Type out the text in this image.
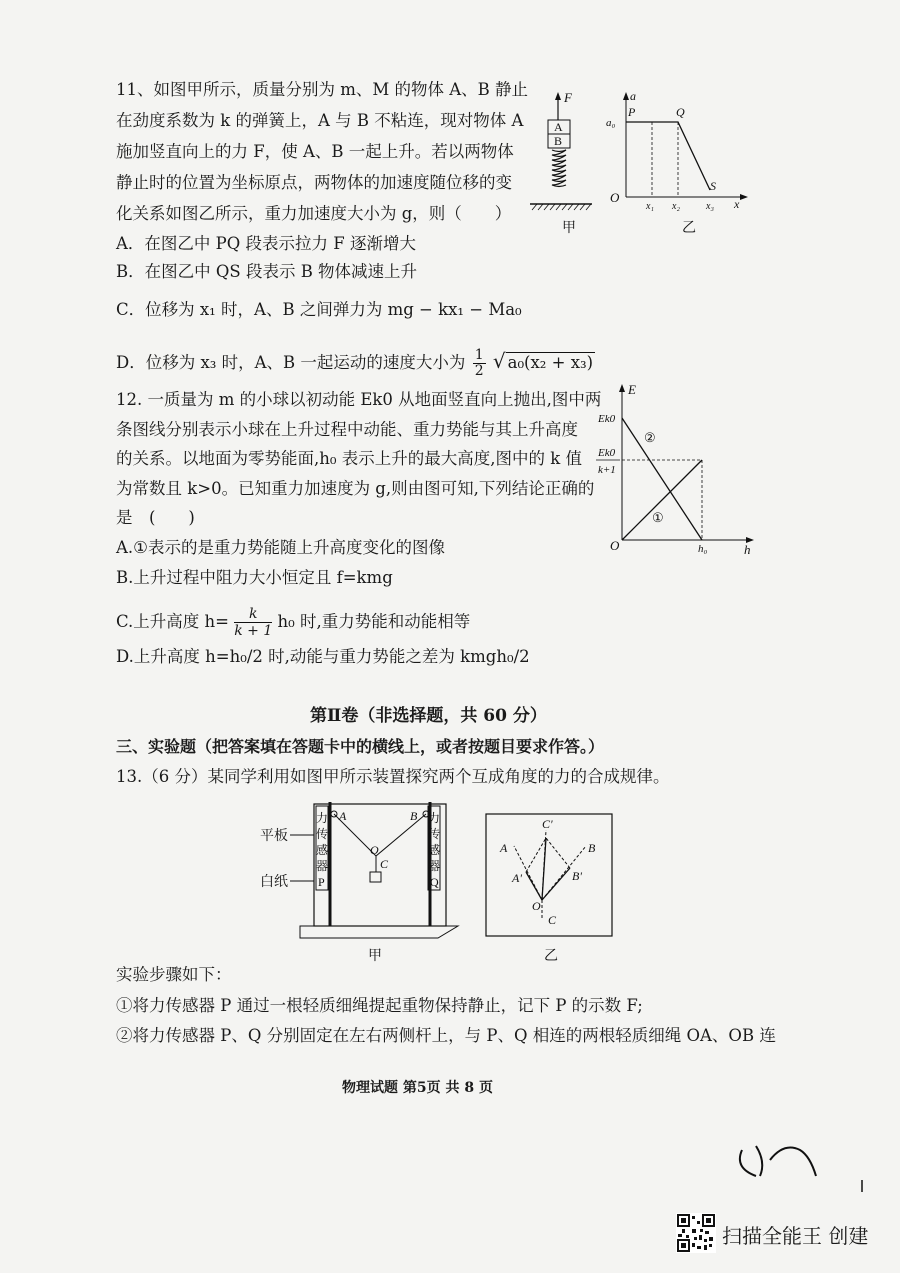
11、如图甲所示，质量分别为 m、M 的物体 A、B 静止
在劲度系数为 k 的弹簧上，A 与 B 不粘连，现对物体 A
施加竖直向上的力 F，使 A、B 一起上升。若以两物体
静止时的位置为坐标原点，两物体的加速度随位移的变
化关系如图乙所示，重力加速度大小为 g，则（　　）
A．在图乙中 PQ 段表示拉力 F 逐渐增大
B．在图乙中 QS 段表示 B 物体减速上升
C．位移为 x₁ 时，A、B 之间弹力为 mg − kx₁ − Ma₀
D．位移为 x₃ 时，A、B 一起运动的速度大小为 $\frac{1}{2}$ √ a₀(x₂ + x₃)
F
A
B
甲
a
x
O
a₀
P	Q
S
x₁ x₂	x₃
乙
12. 一质量为 m 的小球以初动能 Ek0 从地面竖直向上抛出,图中两
条图线分别表示小球在上升过程中动能、重力势能与其上升高度
的关系。以地面为零势能面,h₀ 表示上升的最大高度,图中的 k 值
为常数且 k>0。已知重力加速度为 g,则由图可知,下列结论正确的
是　(　　)
A.①表示的是重力势能随上升高度变化的图像
B.上升过程中阻力大小恒定且 f=kmg
C.上升高度 $h= \frac{k}{k + 1} h_0$ 时,重力势能和动能相等
D.上升高度 h=h₀/2 时,动能与重力势能之差为 kmgh₀/2
E
h
O
Ek0
Ek0
k+1
h₀
①
②
第Ⅱ卷（非选择题，共 60 分）
三、实验题（把答案填在答题卡中的横线上，或者按题目要求作答。）
13.（6 分）某同学利用如图甲所示装置探究两个互成角度的力的合成规律。
力
传
感
器
P
力
传
感
器
Q
A	B
O
C
平板
白纸
甲
C'
A	B
A'	B'
O
C
乙
实验步骤如下：
①将力传感器 P 通过一根轻质细绳提起重物保持静止，记下 P 的示数 F;
②将力传感器 P、Q 分别固定在左右两侧杆上，与 P、Q 相连的两根轻质细绳 OA、OB 连
物理试题 第5页 共 8 页
扫描全能王 创建
